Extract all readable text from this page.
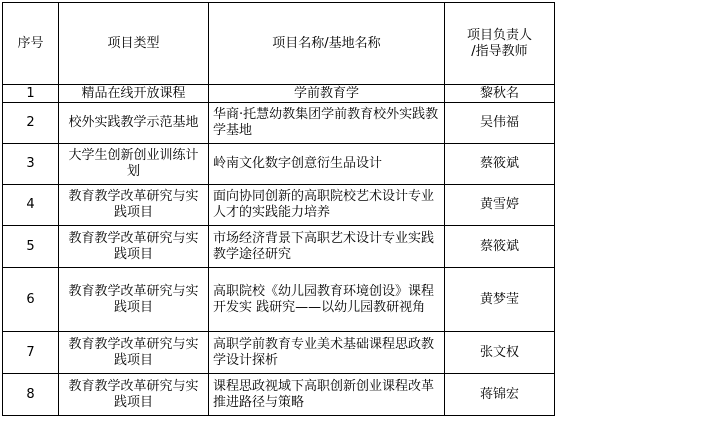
序号	项目类型	项目名称/基地名称	项目负责人
/指导教师

1	精品在线开放课程	学前教育学	黎秋名
2	校外实践教学示范基地	华商·托慧幼教集团学前教育校外实践教学基地	吴伟福
3	大学生创新创业训练计划	岭南文化数字创意衍生品设计	蔡筱斌
4	教育教学改革研究与实践项目	面向协同创新的高职院校艺术设计专业人才的实践能力培养	黄雪婷
5	教育教学改革研究与实践项目	市场经济背景下高职艺术设计专业实践教学途径研究	蔡筱斌
6	教育教学改革研究与实践项目	高职院校《幼儿园教育环境创设》课程开发实 践研究——以幼儿园教研视角	黄梦莹
7	教育教学改革研究与实践项目	高职学前教育专业美术基础课程思政教学设计探析	张文权
8	教育教学改革研究与实践项目	课程思政视域下高职创新创业课程改革推进路径与策略	蒋锦宏
